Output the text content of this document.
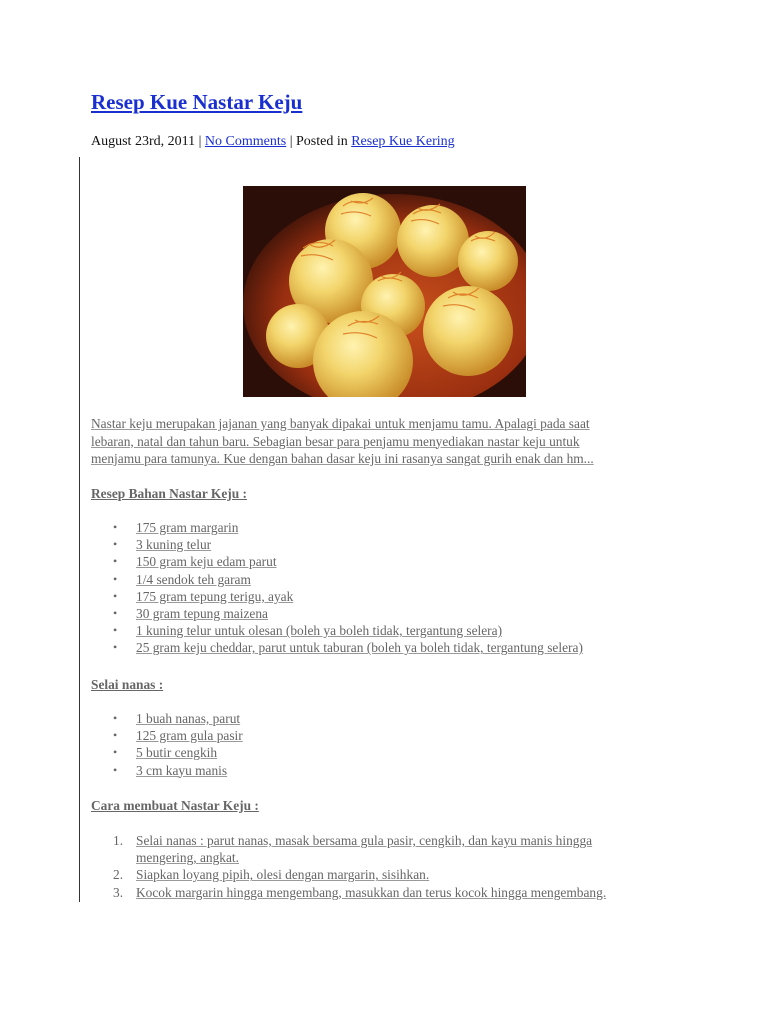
Resep Kue Nastar Keju
August 23rd, 2011 | No Comments | Posted in Resep Kue Kering
Nastar keju merupakan jajanan yang banyak dipakai untuk menjamu tamu. Apalagi pada saat
lebaran, natal dan tahun baru. Sebagian besar para penjamu menyediakan nastar keju untuk
menjamu para tamunya. Kue dengan bahan dasar keju ini rasanya sangat gurih enak dan hm...
Resep Bahan Nastar Keju :
• 175 gram margarin
• 3 kuning telur
• 150 gram keju edam parut
• 1/4 sendok teh garam
• 175 gram tepung terigu, ayak
• 30 gram tepung maizena
• 1 kuning telur untuk olesan (boleh ya boleh tidak, tergantung selera)
• 25 gram keju cheddar, parut untuk taburan (boleh ya boleh tidak, tergantung selera)
Selai nanas :
• 1 buah nanas, parut
• 125 gram gula pasir
• 5 butir cengkih
• 3 cm kayu manis
Cara membuat Nastar Keju :
1. Selai nanas : parut nanas, masak bersama gula pasir, cengkih, dan kayu manis hingga mengering, angkat.
2. Siapkan loyang pipih, olesi dengan margarin, sisihkan.
3. Kocok margarin hingga mengembang, masukkan dan terus kocok hingga mengembang.
